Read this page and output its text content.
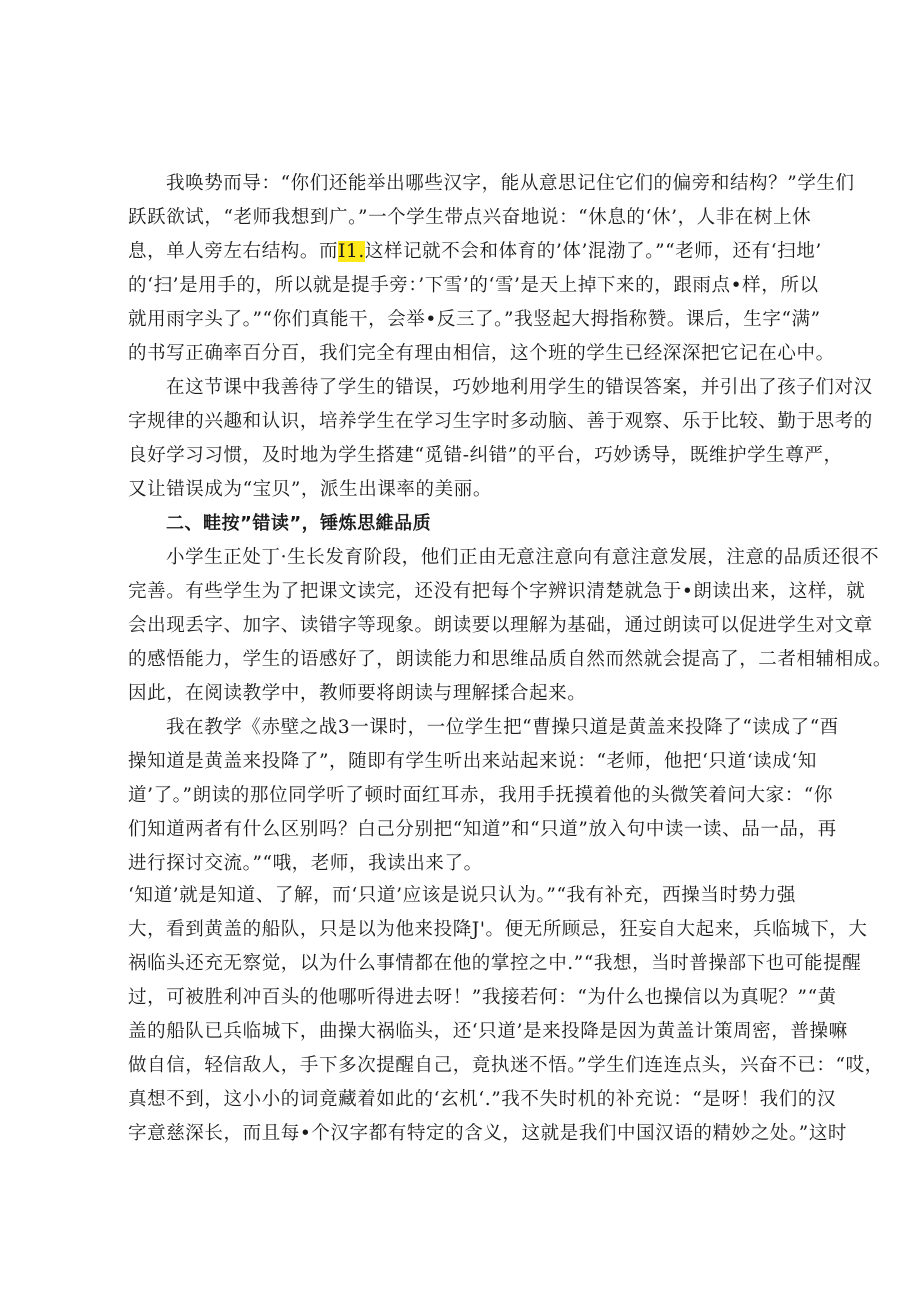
我唤势而导：“你们还能举出哪些汉字，能从意思记住它们的偏旁和结构？”学生们
跃跃欲试，“老师我想到广。”一个学生带点兴奋地说：“休息的‘休’，人非在树上休
息，单人旁左右结构。而I1.这样记就不会和体育的’体’混渤了。”“老师，还有‘扫地’
的‘扫’是用手的，所以就是提手旁：’下雪’的‘雪’是天上掉下来的，跟雨点•样，所以
就用雨字头了。”“你们真能干，会举•反三了。”我竖起大拇指称赞。课后，生字“满”
的书写正确率百分百，我们完全有理由相信，这个班的学生已经深深把它记在心中。
在这节课中我善待了学生的错误，巧妙地利用学生的错误答案，并引出了孩子们对汉
字规律的兴趣和认识，培养学生在学习生字时多动脑、善于观察、乐于比较、勤于思考的
良好学习习惯，及时地为学生搭建“觅错-纠错”的平台，巧妙诱导，既维护学生尊严，
又让错误成为“宝贝”，派生出课率的美丽。
二、畦按”错读”，锤炼思維品质
小学生正处丁·生长发育阶段，他们正由无意注意向有意注意发展，注意的品质还很不
完善。有些学生为了把课文读完，还没有把每个字辨识清楚就急于•朗读出来，这样，就
会出现丢字、加字、读错字等现象。朗读要以理解为基础，通过朗读可以促进学生对文章
的感悟能力，学生的语感好了，朗读能力和思维品质自然而然就会提高了，二者相辅相成。
因此，在阅读教学中，教师要将朗读与理解揉合起来。
我在教学《赤壁之战3一课时，一位学生把“曹操只道是黄盖来投降了“读成了“酉
操知道是黄盖来投降了”，随即有学生听出来站起来说：“老师，他把‘只道‘读成‘知
道’了。”朗读的那位同学听了顿时面红耳赤，我用手抚摸着他的头微笑着问大家：“你
们知道两者有什么区别吗？白己分别把“知道”和“只道”放入句中读一读、品一品，再
进行探讨交流。”“哦，老师，我读出来了。
‘知道’就是知道、了解，而‘只道’应该是说只认为。”“我有补充，西操当时势力强
大，看到黄盖的船队，只是以为他来投降J'。便无所顾忌，狂妄自大起来，兵临城下，大
祸临头还充无察觉，以为什么事情都在他的掌控之中.”“我想，当时普操部下也可能提醒
过，可被胜利冲百头的他哪听得进去呀！”我接若何：“为什么也操信以为真呢？”“黄
盖的船队已兵临城下，曲操大祸临头，还‘只道’是来投降是因为黄盖计策周密，普操嘛
做自信，轻信敌人，手下多次提醒自己，竟执迷不悟。”学生们连连点头，兴奋不已：“哎，
真想不到，这小小的词竟藏着如此的‘玄机‘.”我不失时机的补充说：“是呀！我们的汉
字意慈深长，而且每•个汉字都有特定的含义，这就是我们中国汉语的精妙之处。”这时
